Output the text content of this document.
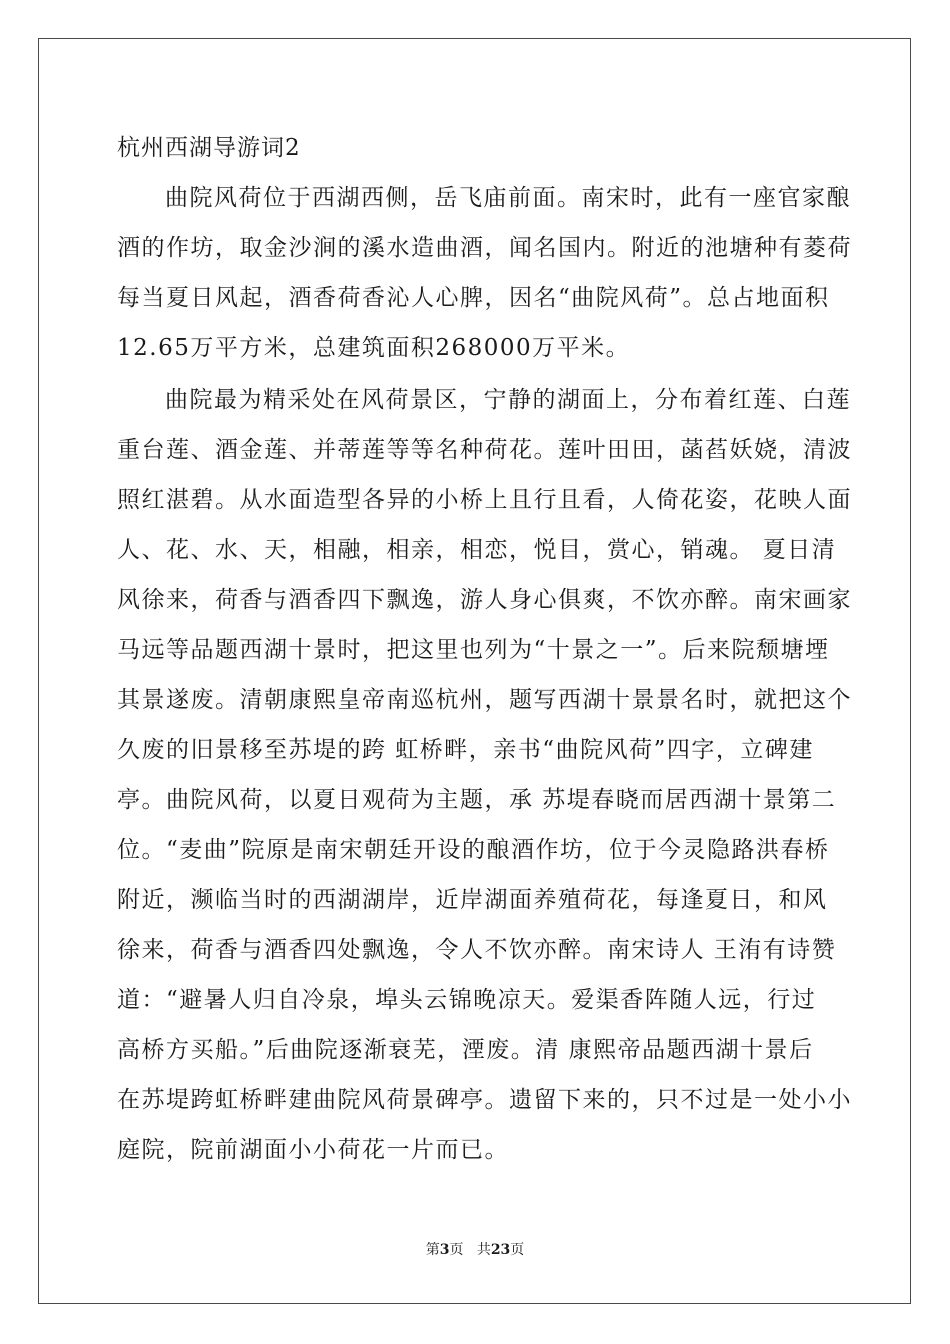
杭州西湖导游词2
曲院风荷位于西湖西侧，岳飞庙前面。南宋时，此有一座官家酿
酒的作坊，取金沙涧的溪水造曲酒，闻名国内。附近的池塘种有菱荷
每当夏日风起，酒香荷香沁人心脾，因名“曲院风荷”。总占地面积
12.65万平方米，总建筑面积268000万平米。
曲院最为精采处在风荷景区，宁静的湖面上，分布着红莲、白莲
重台莲、酒金莲、并蒂莲等等名种荷花。莲叶田田，菡萏妖娆，清波
照红湛碧。从水面造型各异的小桥上且行且看，人倚花姿，花映人面
人、花、水、天，相融，相亲，相恋，悦目，赏心，销魂。 夏日清
风徐来，荷香与酒香四下飘逸，游人身心俱爽，不饮亦醉。南宋画家
马远等品题西湖十景时，把这里也列为“十景之一”。后来院颓塘堙
其景遂废。清朝康熙皇帝南巡杭州，题写西湖十景景名时，就把这个
久废的旧景移至苏堤的跨 虹桥畔，亲书“曲院风荷”四字，立碑建
亭。曲院风荷，以夏日观荷为主题，承 苏堤春晓而居西湖十景第二
位。“麦曲”院原是南宋朝廷开设的酿酒作坊，位于今灵隐路洪春桥
附近，濒临当时的西湖湖岸，近岸湖面养殖荷花，每逢夏日，和风
徐来，荷香与酒香四处飘逸，令人不饮亦醉。南宋诗人 王洧有诗赞
道：“避暑人归自冷泉，埠头云锦晚凉天。爱渠香阵随人远，行过
高桥方买船。”后曲院逐渐衰芜，湮废。清 康熙帝品题西湖十景后
在苏堤跨虹桥畔建曲院风荷景碑亭。遗留下来的，只不过是一处小小
庭院，院前湖面小小荷花一片而已。
第3页 共23页
